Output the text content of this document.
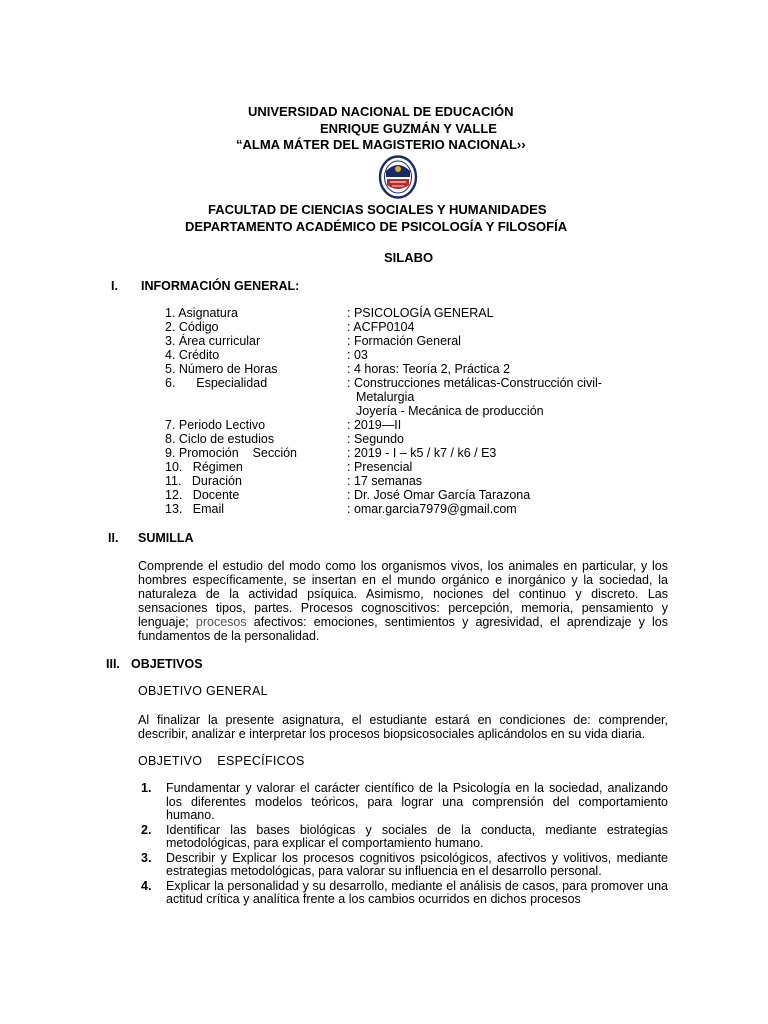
UNIVERSIDAD NACIONAL DE EDUCACIÓN
ENRIQUE GUZMÁN Y VALLE
“ALMA MÁTER DEL MAGISTERIO NACIONAL››
FACULTAD DE CIENCIAS SOCIALES Y HUMANIDADES
DEPARTAMENTO ACADÉMICO DE PSICOLOGÍA Y FILOSOFÍA
SILABO
I. INFORMACIÓN GENERAL:
1. Asignatura	: PSICOLOGÍA GENERAL
2. Código	: ACFP0104
3. Área curricular	: Formación General
4. Crédito	: 03
5. Número de Horas	: 4 horas: Teoría 2, Práctica 2
6.      Especialidad	: Construcciones metálicas-Construcción civil-
Metalurgia
Joyería - Mecánica de producción
7. Periodo Lectivo	: 2019—II
8. Ciclo de estudios	: Segundo
9. Promoción    Sección	: 2019 - I – k5 / k7 / k6 / E3
10.   Régimen	: Presencial
11.   Duración	: 17 semanas
12.   Docente	: Dr. José Omar García Tarazona
13.   Email	: omar.garcia7979@gmail.com
II. SUMILLA
Comprende el estudio del modo como los organismos vivos, los animales en particular, y los hombres específicamente, se insertan en el mundo orgánico e inorgánico y la sociedad, la naturaleza de la actividad psíquica. Asimismo, nociones del continuo y discreto. Las sensaciones tipos, partes. Procesos cognoscitivos: percepción, memoria, pensamiento y lenguaje; procesos afectivos: emociones, sentimientos y agresividad, el aprendizaje y los fundamentos de la personalidad.
III. OBJETIVOS
OBJETIVO GENERAL
Al finalizar la presente asignatura, el estudiante estará en condiciones de: comprender, describir, analizar e interpretar los procesos biopsicosociales aplicándolos en su vida diaria.
OBJETIVO    ESPECÍFICOS
1. Fundamentar y valorar el carácter científico de la Psicología en la sociedad, analizando los diferentes modelos teóricos, para lograr una comprensión del comportamiento humano.
2. Identificar las bases biológicas y sociales de la conducta, mediante estrategias metodológicas, para explicar el comportamiento humano.
3. Describir y Explicar los procesos cognitivos psicológicos, afectivos y volitivos, mediante estrategias metodológicas, para valorar su influencia en el desarrollo personal.
4. Explicar la personalidad y su desarrollo, mediante el análisis de casos, para promover una actitud crítica y analítica frente a los cambios ocurridos en dichos procesos
